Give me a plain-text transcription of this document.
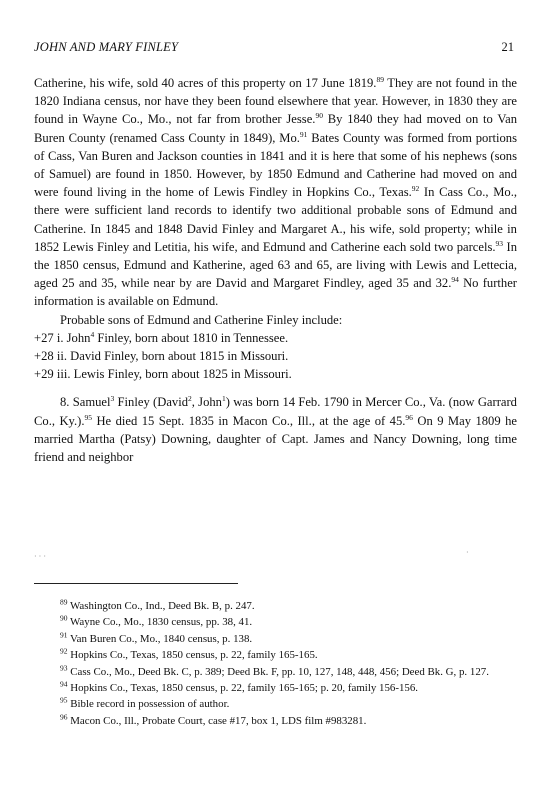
JOHN AND MARY FINLEY	21

Catherine, his wife, sold 40 acres of this property on 17 June 1819.89 They are not found in the 1820 Indiana census, nor have they been found elsewhere that year. However, in 1830 they are found in Wayne Co., Mo., not far from brother Jesse.$^{90}$ By 1840 they had moved on to Van Buren County (renamed Cass County in 1849), Mo.$^{91}$ Bates County was formed from portions of Cass, Van Buren and Jackson counties in 1841 and it is here that some of his nephews (sons of Samuel) are found in 1850. However, by 1850 Edmund and Catherine had moved on and were found living in the home of Lewis Findley in Hopkins Co., Texas.$^{92}$ In Cass Co., Mo., there were sufficient land records to identify two additional probable sons of Edmund and Catherine. In 1845 and 1848 David Finley and Margaret A., his wife, sold property; while in 1852 Lewis Finley and Letitia, his wife, and Edmund and Catherine each sold two parcels.$^{93}$ In the 1850 census, Edmund and Katherine, aged 63 and 65, are living with Lewis and Lettecia, aged 25 and 35, while near by are David and Margaret Findley, aged 35 and 32.94 No further information is available on Edmund.

Probable sons of Edmund and Catherine Finley include:

+27 i. John$^4$ Finley, born about 1810 in Tennessee.
+28 ii. David Finley, born about 1815 in Missouri.
+29 iii. Lewis Finley, born about 1825 in Missouri.

8. Samuel$^3$ Finley (David$^2$, John$^1$) was born 14 Feb. 1790 in Mercer Co., Va. (now Garrard Co., Ky.).$^{95}$ He died 15 Sept. 1835 in Macon Co., Ill., at the age of 45.96 On 9 May 1809 he married Martha (Patsy) Downing, daughter of Capt. James and Nancy Downing, long time friend and neighbor

· · ·	·

$^{89}$ Washington Co., Ind., Deed Bk. B, p. 247.

$^{90}$ Wayne Co., Mo., 1830 census, pp. 38, 41.

$^{91}$ Van Buren Co., Mo., 1840 census, p. 138.

$^{92}$ Hopkins Co., Texas, 1850 census, p. 22, family 165-165.

$^{93}$ Cass Co., Mo., Deed Bk. C, p. 389; Deed Bk. F, pp. 10, 127, 148, 448, 456; Deed Bk. G, p. 127.

$^{94}$ Hopkins Co., Texas, 1850 census, p. 22, family 165-165; p. 20, family 156-156.

$^{95}$ Bible record in possession of author.

$^{96}$ Macon Co., Ill., Probate Court, case #17, box 1, LDS film #983281.
